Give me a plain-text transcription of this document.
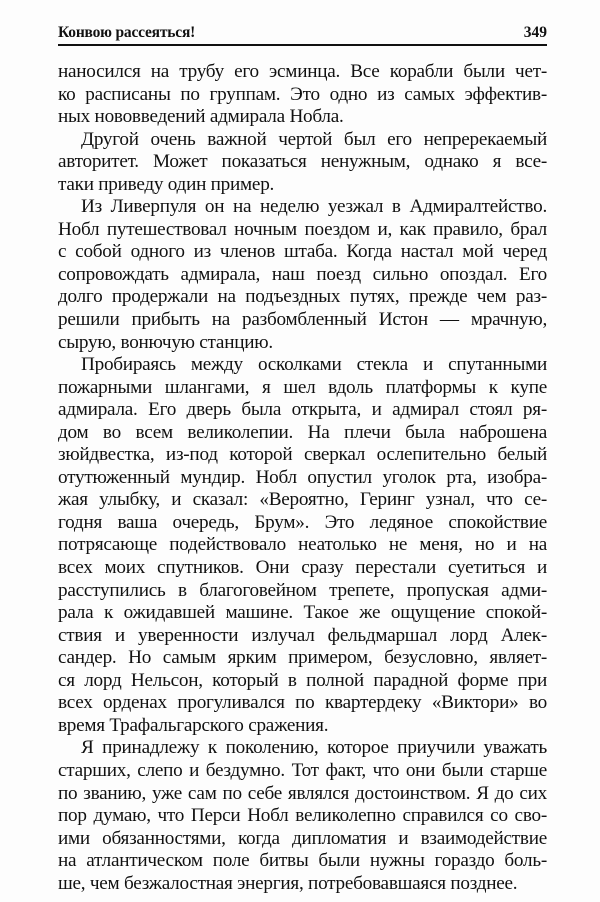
Конвою рассеяться!	349
наносился на трубу его эсминца. Все корабли были чет-
ко расписаны по группам. Это одно из самых эффектив-
ных нововведений адмирала Нобла.
Другой очень важной чертой был его непререкаемый
авторитет. Может показаться ненужным, однако я все-
таки приведу один пример.
Из Ливерпуля он на неделю уезжал в Адмиралтейство.
Нобл путешествовал ночным поездом и, как правило, брал
с собой одного из членов штаба. Когда настал мой черед
сопровождать адмирала, наш поезд сильно опоздал. Его
долго продержали на подъездных путях, прежде чем раз-
решили прибыть на разбомбленный Истон — мрачную,
сырую, вонючую станцию.
Пробираясь между осколками стекла и спутанными
пожарными шлангами, я шел вдоль платформы к купе
адмирала. Его дверь была открыта, и адмирал стоял ря-
дом во всем великолепии. На плечи была наброшена
зюйдвестка, из-под которой сверкал ослепительно белый
отутюженный мундир. Нобл опустил уголок рта, изобра-
жая улыбку, и сказал: «Вероятно, Геринг узнал, что се-
годня ваша очередь, Брум». Это ледяное спокойствие
потрясающе подействовало неатолько не меня, но и на
всех моих спутников. Они сразу перестали суетиться и
расступились в благоговейном трепете, пропуская адми-
рала к ожидавшей машине. Такое же ощущение спокой-
ствия и уверенности излучал фельдмаршал лорд Алек-
сандер. Но самым ярким примером, безусловно, являет-
ся лорд Нельсон, который в полной парадной форме при
всех орденах прогуливался по квартердеку «Виктори» во
время Трафальгарского сражения.
Я принадлежу к поколению, которое приучили уважать
старших, слепо и бездумно. Тот факт, что они были старше
по званию, уже сам по себе являлся достоинством. Я до сих
пор думаю, что Перси Нобл великолепно справился со сво-
ими обязанностями, когда дипломатия и взаимодействие
на атлантическом поле битвы были нужны гораздо боль-
ше, чем безжалостная энергия, потребовавшаяся позднее.
